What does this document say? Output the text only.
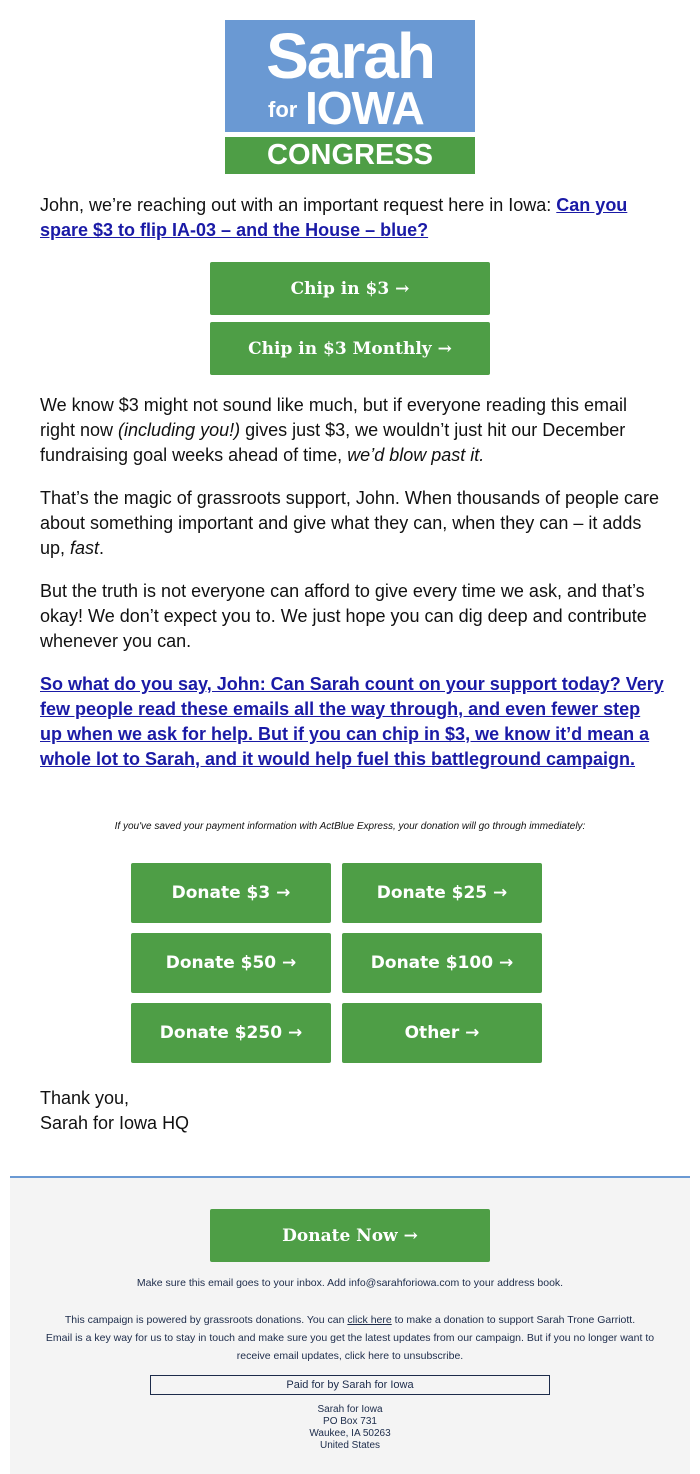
Sarah
for IOWA
CONGRESS

John, we’re reaching out with an important request here in Iowa: Can you spare $3 to flip IA-03 – and the House – blue?

Chip in $3 →
Chip in $3 Monthly →

We know $3 might not sound like much, but if everyone reading this email right now (including you!) gives just $3, we wouldn’t just hit our December fundraising goal weeks ahead of time, we’d blow past it.

That’s the magic of grassroots support, John. When thousands of people care about something important and give what they can, when they can – it adds up, fast.

But the truth is not everyone can afford to give every time we ask, and that’s okay! We don’t expect you to. We just hope you can dig deep and contribute whenever you can.

So what do you say, John: Can Sarah count on your support today? Very few people read these emails all the way through, and even fewer step up when we ask for help. But if you can chip in $3, we know it’d mean a whole lot to Sarah, and it would help fuel this battleground campaign.

If you've saved your payment information with ActBlue Express, your donation will go through immediately:
Donate $3 →	Donate $25 →
Donate $50 →	Donate $100 →
Donate $250 →	Other →

Thank you,

Sarah for Iowa HQ

Donate Now →
Make sure this email goes to your inbox. Add info@sarahforiowa.com to your address book.
This campaign is powered by grassroots donations. You can click here to make a donation to support Sarah Trone Garriott.
Email is a key way for us to stay in touch and make sure you get the latest updates from our campaign. But if you no longer want to receive email updates, click here to unsubscribe.
Paid for by Sarah for Iowa
Sarah for Iowa
PO Box 731
Waukee, IA 50263
United States
